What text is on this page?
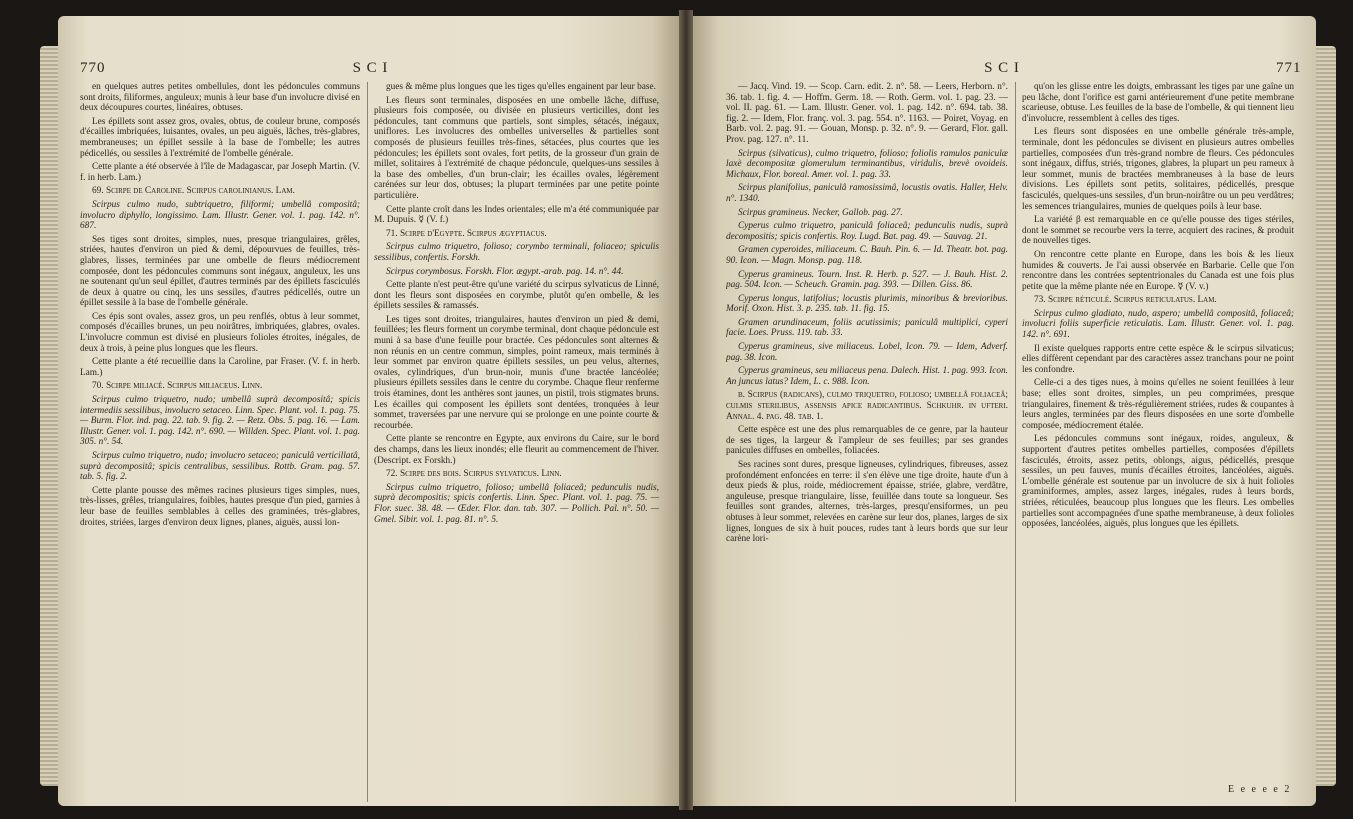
770	S C I

en quelques autres petites ombellules, dont les pédoncules communs sont droits, filiformes, anguleux; munis à leur base d'un involucre divisé en deux découpures courtes, linéaires, obtuses.

Les épillets sont assez gros, ovales, obtus, de couleur brune, composés d'écailles imbriquées, luisantes, ovales, un peu aiguës, lâches, très-glabres, membraneuses; un épillet sessile à la base de l'ombelle; les autres pédicellés, ou sessiles à l'extrémité de l'ombelle générale.

Cette plante a été observée à l'île de Madagascar, par Joseph Martin. (V. f. in herb. Lam.)

69. Scirpe de Caroline. Scirpus carolinianus. Lam.

Scirpus culmo nudo, subtriquetro, filiformi; umbellâ compositâ; involucro diphyllo, longissimo. Lam. Illustr. Gener. vol. 1. pag. 142. n°. 687.

Ses tiges sont droites, simples, nues, presque triangulaires, grêles, striées, hautes d'environ un pied & demi, dépourvues de feuilles, très-glabres, lisses, terminées par une ombelle de fleurs médiocrement composée, dont les pédoncules communs sont inégaux, anguleux, les uns ne soutenant qu'un seul épillet, d'autres terminés par des épillets fasciculés de deux à quatre ou cinq, les uns sessiles, d'autres pédicellés, outre un épillet sessile à la base de l'ombelle générale.

Ces épis sont ovales, assez gros, un peu renflés, obtus à leur sommet, composés d'écailles brunes, un peu noirâtres, imbriquées, glabres, ovales. L'involucre commun est divisé en plusieurs folioles étroites, inégales, de deux à trois, à peine plus longues que les fleurs.

Cette plante a été recueillie dans la Caroline, par Fraser. (V. f. in herb. Lam.)

70. Scirpe miliacé. Scirpus miliaceus. Linn.

Scirpus culmo triquetro, nudo; umbellâ suprà decompositâ; spicis intermediis sessilibus, involucro setaceo. Linn. Spec. Plant. vol. 1. pag. 75. — Burm. Flor. ind. pag. 22. tab. 9. fig. 2. — Retz. Obs. 5. pag. 16. — Lam. Illustr. Gener. vol. 1. pag. 142. n°. 690. — Willden. Spec. Plant. vol. 1. pag. 305. n°. 54.

Scirpus culmo triquetro, nudo; involucro setaceo; paniculâ verticillatâ, suprà decompositâ; spicis centralibus, sessilibus. Rottb. Gram. pag. 57. tab. 5. fig. 2.

Cette plante pousse des mêmes racines plusieurs tiges simples, nues, très-lisses, grêles, triangulaires, foibles, hautes presque d'un pied, garnies à leur base de feuilles semblables à celles des graminées, très-glabres, droites, striées, larges d'environ deux lignes, planes, aiguës, aussi lon-

gues & même plus longues que les tiges qu'elles engainent par leur base.

Les fleurs sont terminales, disposées en une ombelle lâche, diffuse, plusieurs fois composée, ou divisée en plusieurs verticilles, dont les pédoncules, tant communs que partiels, sont simples, sétacés, inégaux, uniflores. Les involucres des ombelles universelles & partielles sont composés de plusieurs feuilles très-fines, sétacées, plus courtes que les pédoncules; les épillets sont ovales, fort petits, de la grosseur d'un grain de millet, solitaires à l'extrémité de chaque pédoncule, quelques-uns sessiles à la base des ombelles, d'un brun-clair; les écailles ovales, légèrement carénées sur leur dos, obtuses; la plupart terminées par une petite pointe particulière.

Cette plante croît dans les Indes orientales; elle m'a été communiquée par M. Dupuis. ☿ (V. f.)

71. Scirpe d'Egypte. Scirpus ægyptiacus.

Scirpus culmo triquetro, folioso; corymbo terminali, foliaceo; spiculis sessilibus, confertis. Forskh.

Scirpus corymbosus. Forskh. Flor. ægypt.-arab. pag. 14. n°. 44.

Cette plante n'est peut-être qu'une variété du scirpus sylvaticus de Linné, dont les fleurs sont disposées en corymbe, plutôt qu'en ombelle, & les épillets sessiles & ramassés.

Les tiges sont droites, triangulaires, hautes d'environ un pied & demi, feuillées; les fleurs forment un corymbe terminal, dont chaque pédoncule est muni à sa base d'une feuille pour bractée. Ces pédoncules sont alternes & non réunis en un centre commun, simples, point rameux, mais terminés à leur sommet par environ quatre épillets sessiles, un peu velus, alternes, ovales, cylindriques, d'un brun-noir, munis d'une bractée lancéolée; plusieurs épillets sessiles dans le centre du corymbe. Chaque fleur renferme trois étamines, dont les anthères sont jaunes, un pistil, trois stigmates bruns. Les écailles qui composent les épillets sont dentées, tronquées à leur sommet, traversées par une nervure qui se prolonge en une pointe courte & recourbée.

Cette plante se rencontre en Egypte, aux environs du Caire, sur le bord des champs, dans les lieux inondés; elle fleurit au commencement de l'hiver. (Descript. ex Forskh.)

72. Scirpe des bois. Scirpus sylvaticus. Linn.

Scirpus culmo triquetro, folioso; umbellâ foliaceâ; pedunculis nudis, suprà decompositis; spicis confertis. Linn. Spec. Plant. vol. 1. pag. 75. — Flor. suec. 38. 48. — Œder. Flor. dan. tab. 307. — Pollich. Pal. n°. 50. — Gmel. Sibir. vol. 1. pag. 81. n°. 5.

S C I	771

— Jacq. Vind. 19. — Scop. Carn. edit. 2. n°. 58. — Leers, Herborn. n°. 36. tab. 1. fig. 4. — Hoffm. Germ. 18. — Roth. Germ. vol. 1. pag. 23. — vol. II. pag. 61. — Lam. Illustr. Gener. vol. 1. pag. 142. n°. 694. tab. 38. fig. 2. — Idem, Flor. franç. vol. 3. pag. 554. n°. 1163. — Poiret, Voyag. en Barb. vol. 2. pag. 91. — Gouan, Monsp. p. 32. n°. 9. — Gerard, Flor. gall. Prov. pag. 127. n°. 11.

Scirpus (silvaticus), culmo triquetro, folioso; foliolis ramulos paniculæ laxè decompositæ glomerulum terminantibus, viridulis, brevè ovoideis. Michaux, Flor. boreal. Amer. vol. 1. pag. 33.

Scirpus planifolius, paniculâ ramosissimâ, locustis ovatis. Haller, Helv. n°. 1340.

Scirpus gramineus. Necker, Gallob. pag. 27.

Cyperus culmo triquetro, paniculâ foliaceâ; pedunculis nudis, suprà decompositis; spicis confertis. Roy. Lugd. Bat. pag. 49. — Sauvag. 21.

Gramen cyperoides, miliaceum. C. Bauh. Pin. 6. — Id. Theatr. bot. pag. 90. Icon. — Magn. Monsp. pag. 118.

Cyperus gramineus. Tourn. Inst. R. Herb. p. 527. — J. Bauh. Hist. 2. pag. 504. Icon. — Scheuch. Gramin. pag. 393. — Dillen. Giss. 86.

Cyperus longus, latifolius; locustis plurimis, minoribus & brevioribus. Morif. Oxon. Hist. 3. p. 235. tab. 11. fig. 15.

Gramen arundinaceum, foliis acutissimis; paniculâ multiplici, cyperi facie. Loes. Pruss. 119. tab. 33.

Cyperus gramineus, sive miliaceus. Lobel, Icon. 79. — Idem, Adverf. pag. 38. Icon.

Cyperus gramineus, seu miliaceus pena. Dalech. Hist. 1. pag. 993. Icon. An juncus latus? Idem, L. c. 988. Icon.

β. Scirpus (radicans), culmo triquetro, folioso; umbellâ foliaceâ; culmis sterilibus, assensis apice radicantibus. Schkuhr. in ufteri. Annal. 4. pag. 48. tab. 1.

Cette espèce est une des plus remarquables de ce genre, par la hauteur de ses tiges, la largeur & l'ampleur de ses feuilles; par ses grandes panicules diffuses en ombelles, foliacées.

Ses racines sont dures, presque ligneuses, cylindriques, fibreuses, assez profondément enfoncées en terre: il s'en élève une tige droite, haute d'un à deux pieds & plus, roide, médiocrement épaisse, striée, glabre, verdâtre, anguleuse, presque triangulaire, lisse, feuillée dans toute sa longueur. Ses feuilles sont grandes, alternes, très-larges, presqu'ensiformes, un peu obtuses à leur sommet, relevées en carène sur leur dos, planes, larges de six lignes, longues de six à huit pouces, rudes tant à leurs bords que sur leur carène lori-

qu'on les glisse entre les doigts, embrassant les tiges par une gaîne un peu lâche, dont l'orifice est garni antérieurement d'une petite membrane scarieuse, obtuse. Les feuilles de la base de l'ombelle, & qui tiennent lieu d'involucre, ressemblent à celles des tiges.

Les fleurs sont disposées en une ombelle générale très-ample, terminale, dont les pédoncules se divisent en plusieurs autres ombelles partielles, composées d'un très-grand nombre de fleurs. Ces pédoncules sont inégaux, diffus, striés, trigones, glabres, la plupart un peu rameux à leur sommet, munis de bractées membraneuses à la base de leurs divisions. Les épillets sont petits, solitaires, pédicellés, presque fasciculés, quelques-uns sessiles, d'un brun-noirâtre ou un peu verdâtres; les semences triangulaires, munies de quelques poils à leur base.

La variété β est remarquable en ce qu'elle pousse des tiges stériles, dont le sommet se recourbe vers la terre, acquiert des racines, & produit de nouvelles tiges.

On rencontre cette plante en Europe, dans les bois & les lieux humides & couverts. Je l'ai aussi observée en Barbarie. Celle que l'on rencontre dans les contrées septentrionales du Canada est une fois plus petite que la même plante née en Europe. ☿ (V. v.)

73. Scirpe réticulé. Scirpus reticulatus. Lam.

Scirpus culmo gladiato, nudo, aspero; umbellâ compositâ, foliaceâ; involucri foliis superficie reticulatis. Lam. Illustr. Gener. vol. 1. pag. 142. n°. 691.

Il existe quelques rapports entre cette espèce & le scirpus silvaticus; elles diffèrent cependant par des caractères assez tranchans pour ne point les confondre.

Celle-ci a des tiges nues, à moins qu'elles ne soient feuillées à leur base; elles sont droites, simples, un peu comprimées, presque triangulaires, finement & très-régulièrement striées, rudes & coupantes à leurs angles, terminées par des fleurs disposées en une sorte d'ombelle composée, médiocrement étalée.

Les pédoncules communs sont inégaux, roides, anguleux, & supportent d'autres petites ombelles partielles, composées d'épillets fasciculés, étroits, assez petits, oblongs, aigus, pédicellés, presque sessiles, un peu fauves, munis d'écailles étroites, lancéolées, aiguës. L'ombelle générale est soutenue par un involucre de six à huit folioles graminiformes, amples, assez larges, inégales, rudes à leurs bords, striées, réticulées, beaucoup plus longues que les fleurs. Les ombelles partielles sont accompagnées d'une spathe membraneuse, à deux folioles opposées, lancéolées, aiguës, plus longues que les épillets.

E e e e e 2
